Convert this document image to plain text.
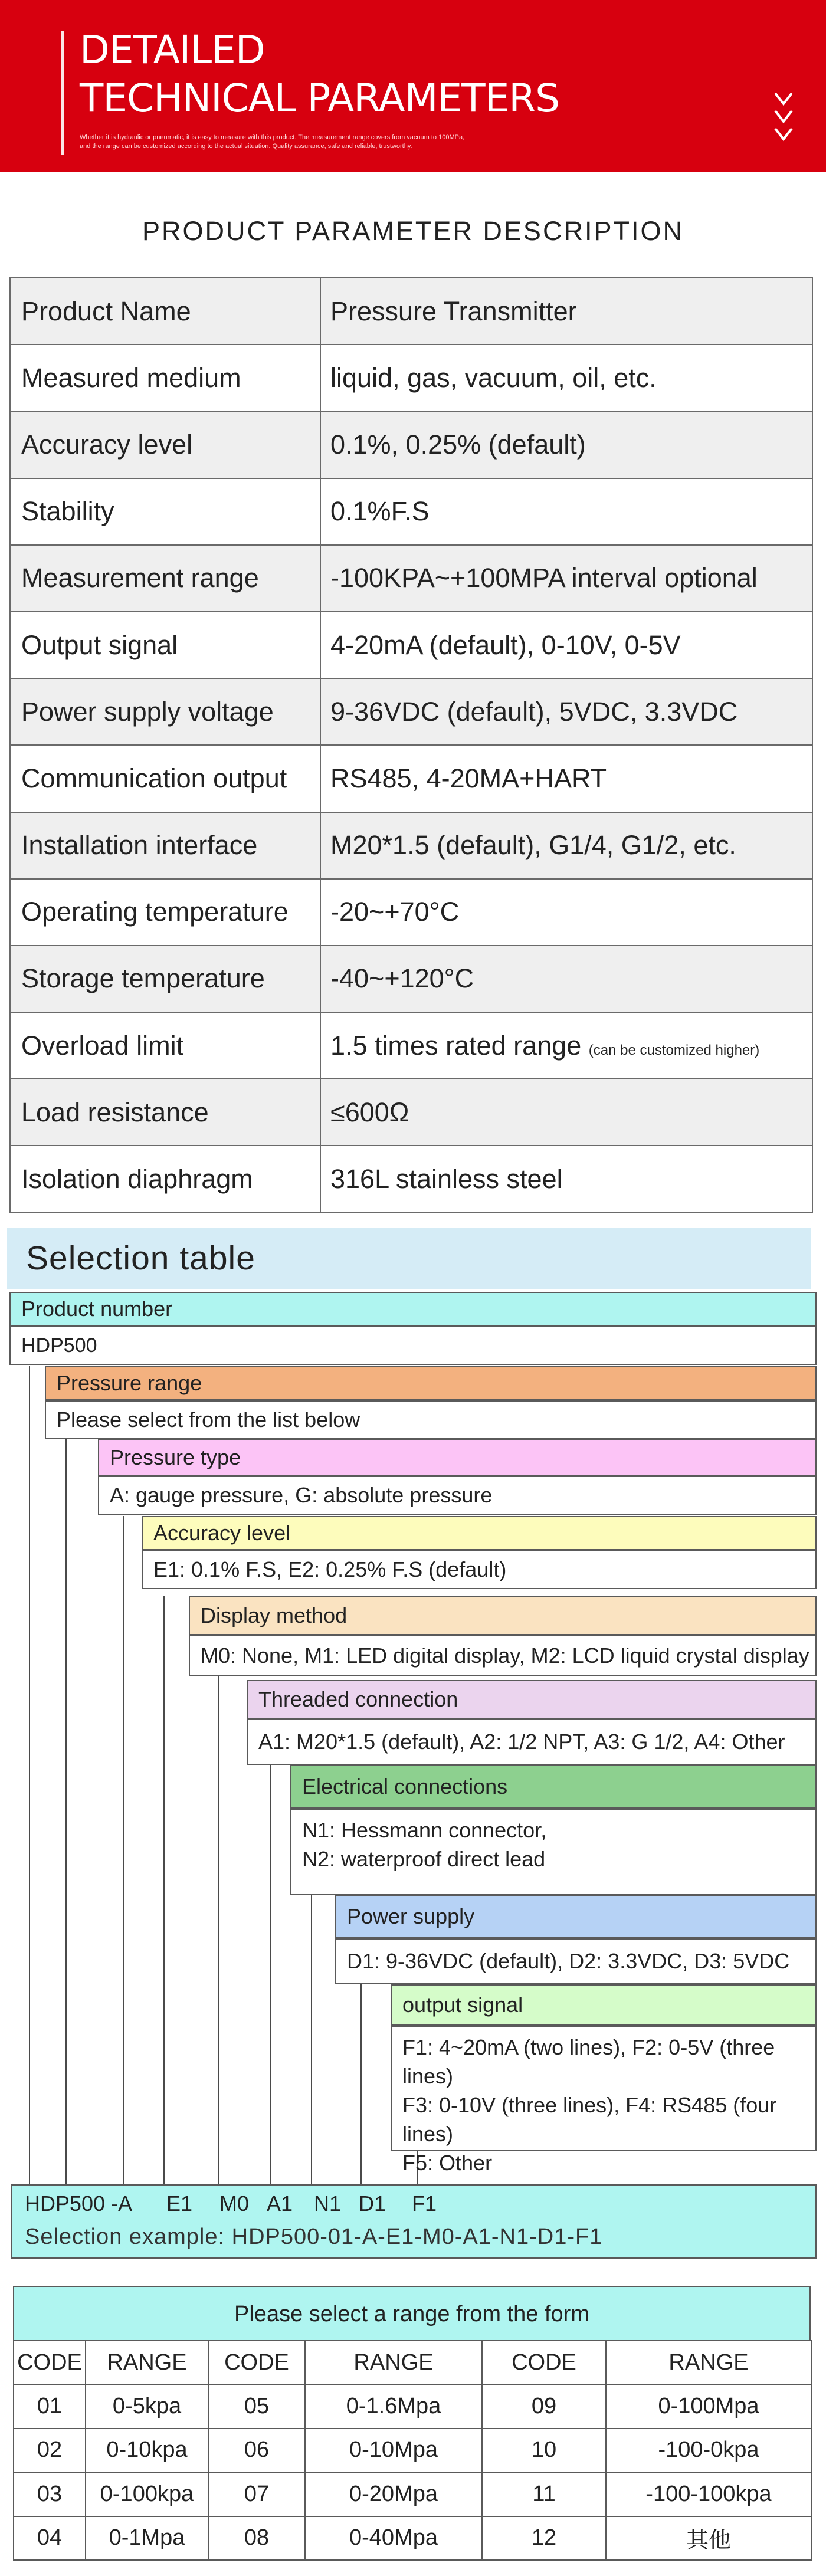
DETAILED
TECHNICAL PARAMETERS
Whether it is hydraulic or pneumatic, it is easy to measure with this product. The measurement range covers from vacuum to 100MPa,
and the range can be customized according to the actual situation. Quality assurance, safe and reliable, trustworthy.
PRODUCT PARAMETER DESCRIPTION
Product Name	Pressure Transmitter
Measured medium	liquid, gas, vacuum, oil, etc.
Accuracy level	0.1%, 0.25% (default)
Stability	0.1%F.S
Measurement range	-100KPA~+100MPA interval optional
Output signal	4-20mA (default), 0-10V, 0-5V
Power supply voltage	9-36VDC (default), 5VDC, 3.3VDC
Communication output	RS485, 4-20MA+HART
Installation interface	M20*1.5 (default), G1/4, G1/2, etc.
Operating temperature	-20~+70°C
Storage temperature	-40~+120°C
Overload limit	1.5 times rated range (can be customized higher)
Load resistance	≤600Ω
Isolation diaphragm	316L stainless steel
Selection table
Product number
HDP500
Pressure range
Please select from the list below
Pressure type
A: gauge pressure, G: absolute pressure
Accuracy level
E1: 0.1% F.S, E2: 0.25% F.S (default)
Display method
M0: None, M1: LED digital display, M2: LCD liquid crystal display
Threaded connection
A1: M20*1.5 (default), A2: 1/2 NPT, A3: G 1/2, A4: Other
Electrical connections
N1: Hessmann connector,
N2: waterproof direct lead
Power supply
D1: 9-36VDC (default), D2: 3.3VDC, D3: 5VDC
output signal
F1: 4~20mA (two lines), F2: 0-5V (three lines)
F3: 0-10V (three lines), F4: RS485 (four lines)
F5: Other
HDP500 -A E1 M0 A1 N1 D1 F1
Selection example: HDP500-01-A-E1-M0-A1-N1-D1-F1
Please select a range from the form
CODE	RANGE	CODE	RANGE	CODE	RANGE
01	0-5kpa	05	0-1.6Mpa	09	0-100Mpa
02	0-10kpa	06	0-10Mpa	10	-100-0kpa
03	0-100kpa	07	0-20Mpa	11	-100-100kpa
04	0-1Mpa	08	0-40Mpa	12	其他
